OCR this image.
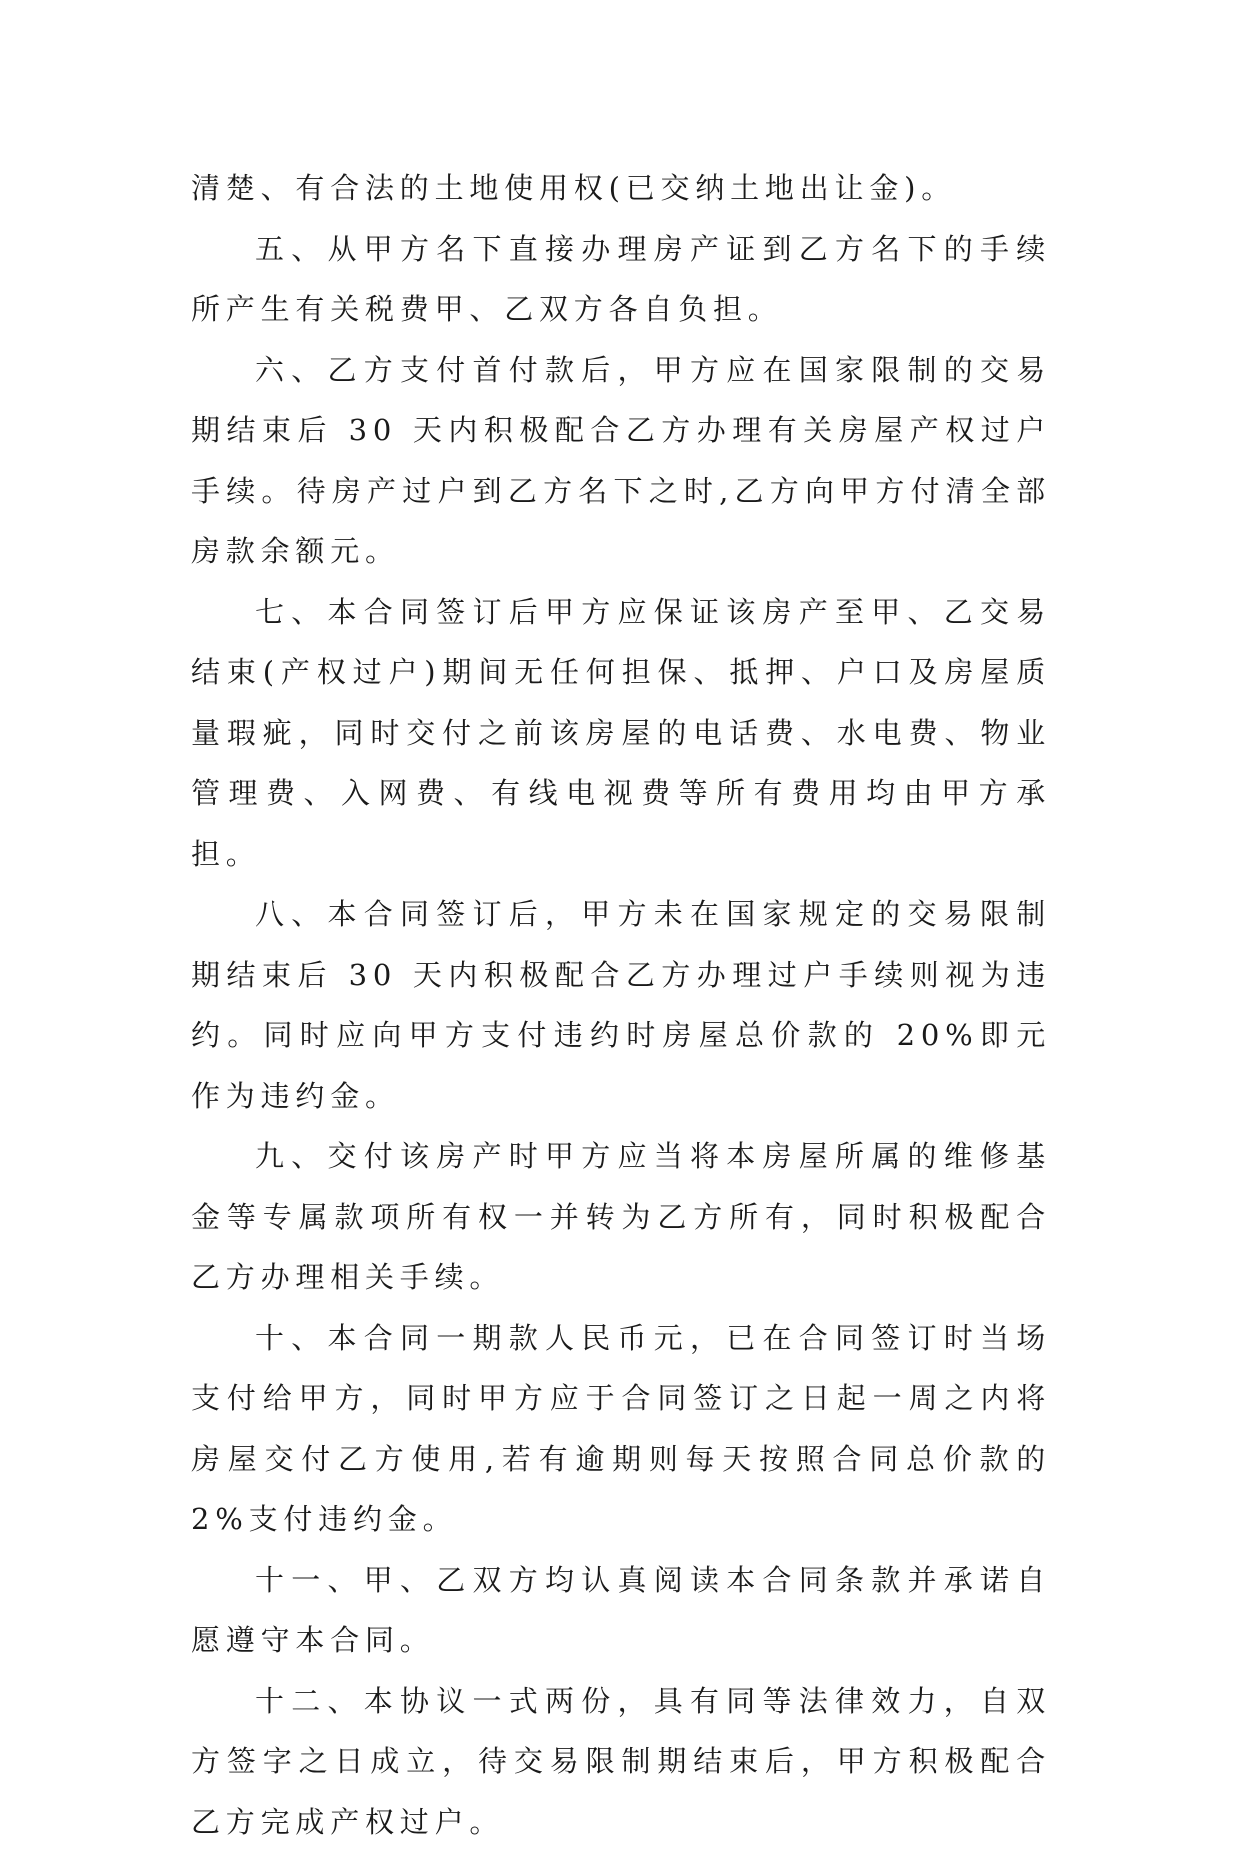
清楚、有合法的土地使用权(已交纳土地出让金)。

五、从甲方名下直接办理房产证到乙方名下的手续所产生有关税费甲、乙双方各自负担。

六、乙方支付首付款后，甲方应在国家限制的交易期结束后 30 天内积极配合乙方办理有关房屋产权过户手续。待房产过户到乙方名下之时,乙方向甲方付清全部房款余额元。

七、本合同签订后甲方应保证该房产至甲、乙交易结束(产权过户)期间无任何担保、抵押、户口及房屋质量瑕疵，同时交付之前该房屋的电话费、水电费、物业管理费、入网费、有线电视费等所有费用均由甲方承担。

八、本合同签订后，甲方未在国家规定的交易限制期结束后 30 天内积极配合乙方办理过户手续则视为违约。同时应向甲方支付违约时房屋总价款的 20%即元作为违约金。

九、交付该房产时甲方应当将本房屋所属的维修基金等专属款项所有权一并转为乙方所有，同时积极配合乙方办理相关手续。

十、本合同一期款人民币元，已在合同签订时当场支付给甲方，同时甲方应于合同签订之日起一周之内将房屋交付乙方使用,若有逾期则每天按照合同总价款的 2%支付违约金。

十一、甲、乙双方均认真阅读本合同条款并承诺自愿遵守本合同。

十二、本协议一式两份，具有同等法律效力，自双方签字之日成立，待交易限制期结束后，甲方积极配合乙方完成产权过户。
